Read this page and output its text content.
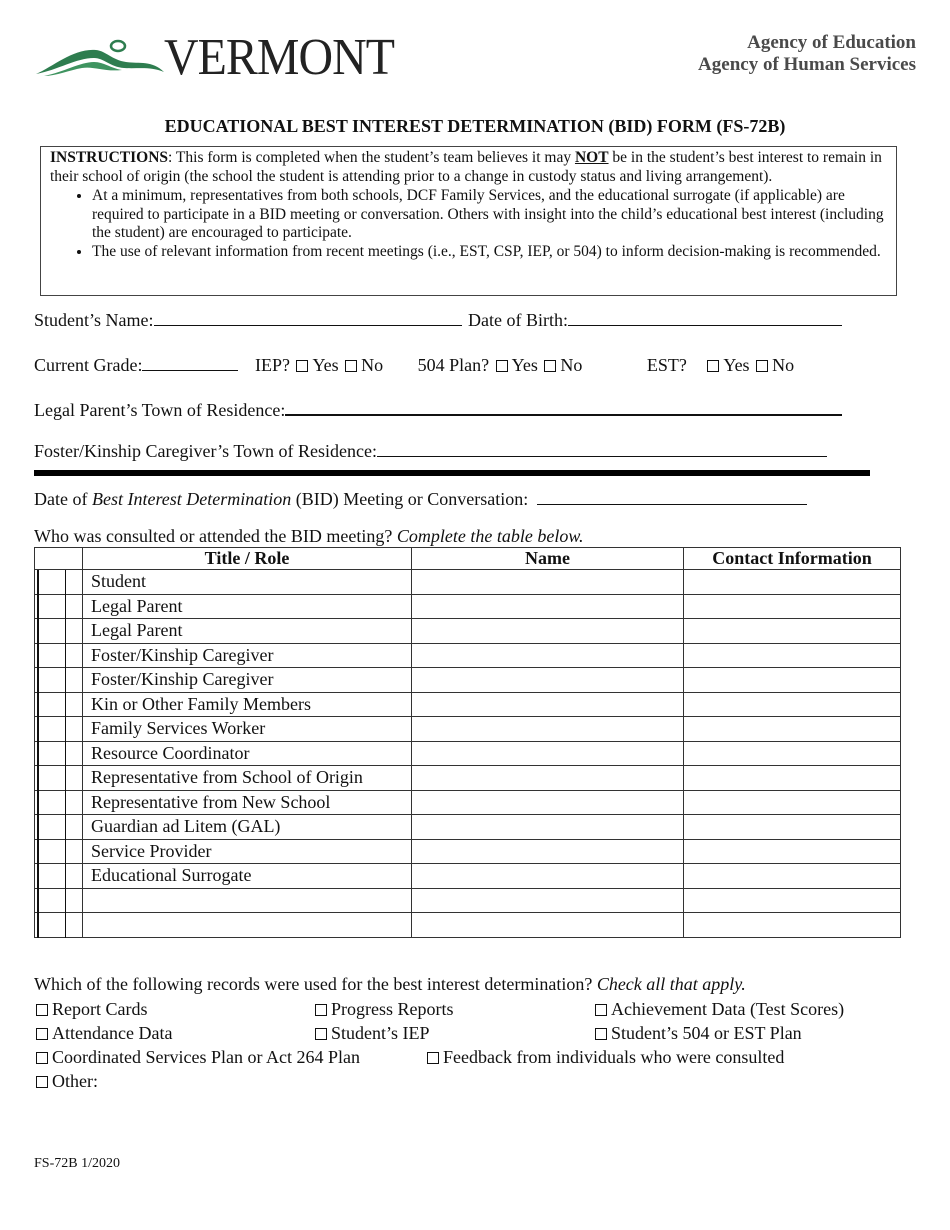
VERMONT	Agency of Education
Agency of Human Services
EDUCATIONAL BEST INTEREST DETERMINATION (BID) FORM (FS-72B)

INSTRUCTIONS: This form is completed when the student’s team believes it may NOT be in the student’s best interest to remain in their school of origin (the school the student is attending prior to a change in custody status and living arrangement).

• At a minimum, representatives from both schools, DCF Family Services, and the educational surrogate (if applicable) are required to participate in a BID meeting or conversation. Others with insight into the child’s educational best interest (including the student) are encouraged to participate.
• The use of relevant information from recent meetings (i.e., EST, CSP, IEP, or 504) to inform decision-making is recommended.
Student’s Name:	Date of Birth:
Current Grade:	IEP? Yes No 504 Plan? Yes No	EST? Yes No
Legal Parent’s Town of Residence:
Foster/Kinship Caregiver’s Town of Residence:
Date of Best Interest Determination (BID) Meeting or Conversation:
Who was consulted or attended the BID meeting? Complete the table below.
	Title / Role	Name	Contact Information

	Student		

	Legal Parent		

	Legal Parent		

	Foster/Kinship Caregiver		

	Foster/Kinship Caregiver		

	Kin or Other Family Members		

	Family Services Worker		

	Resource Coordinator		

	Representative from School of Origin		

	Representative from New School		

	Guardian ad Litem (GAL)		

	Service Provider		

	Educational Surrogate		

Which of the following records were used for the best interest determination? Check all that apply.
Report Cards	Progress Reports	Achievement Data (Test Scores)
Attendance Data	Student’s IEP	Student’s 504 or EST Plan
Coordinated Services Plan or Act 264 Plan	Feedback from individuals who were consulted
Other:
FS-72B 1/2020
